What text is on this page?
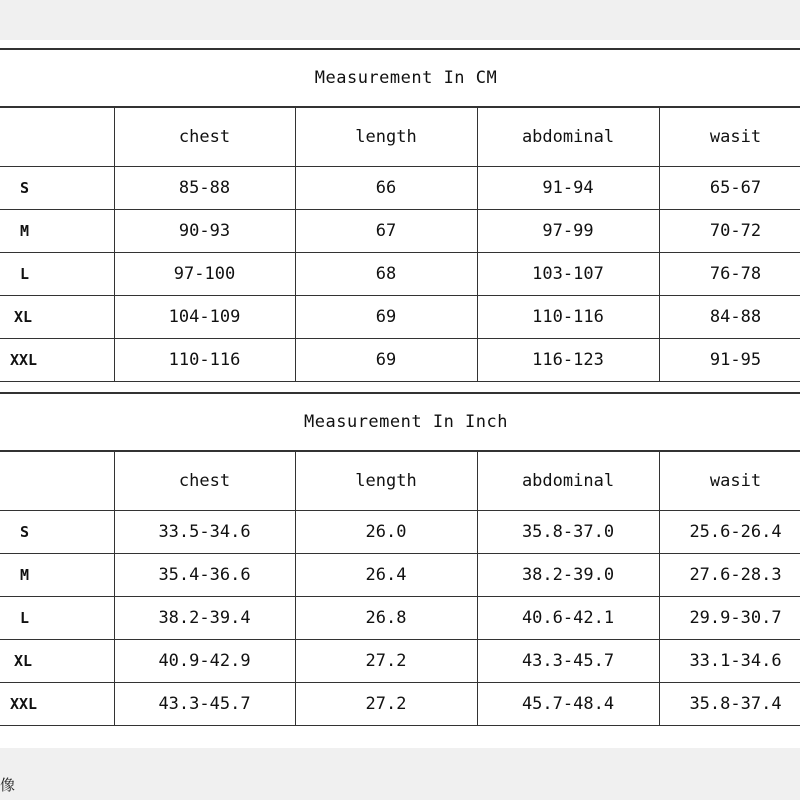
Measurement In CM
	chest	length	abdominal	wasit
S	85-88	66	91-94	65-67
M	90-93	67	97-99	70-72
L	97-100	68	103-107	76-78
XL	104-109	69	110-116	84-88
XXL	110-116	69	116-123	91-95
Measurement In Inch
	chest	length	abdominal	wasit
S	33.5-34.6	26.0	35.8-37.0	25.6-26.4
M	35.4-36.6	26.4	38.2-39.0	27.6-28.3
L	38.2-39.4	26.8	40.6-42.1	29.9-30.7
XL	40.9-42.9	27.2	43.3-45.7	33.1-34.6
XXL	43.3-45.7	27.2	45.7-48.4	35.8-37.4
像
